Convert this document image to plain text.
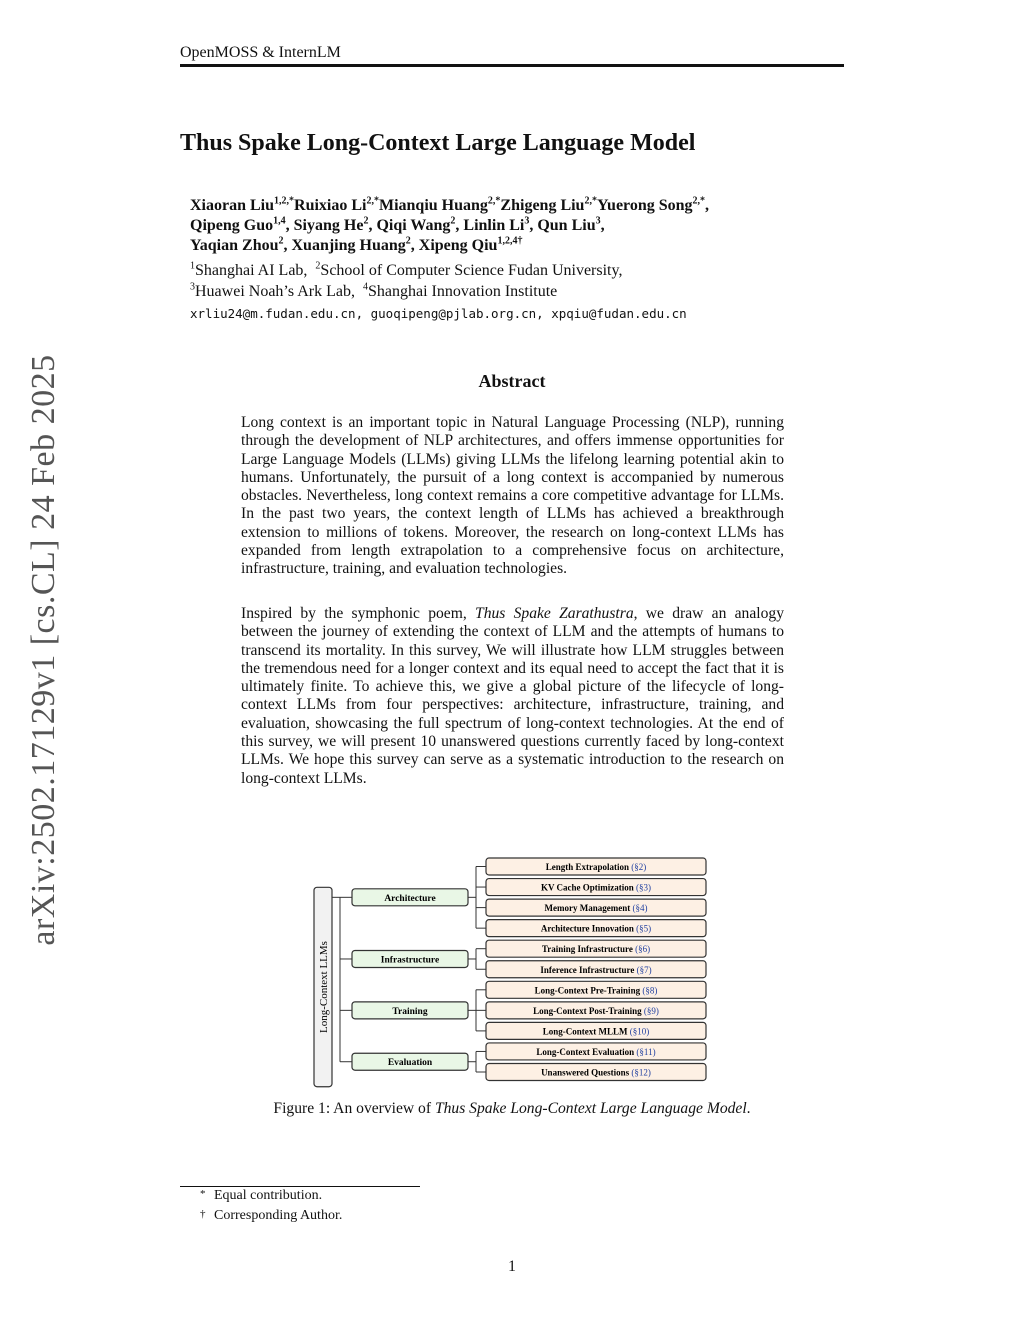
OpenMOSS & InternLM
arXiv:2502.17129v1 [cs.CL] 24 Feb 2025
Thus Spake Long-Context Large Language Model
Xiaoran Liu$^{1,2,*}$Ruixiao $Li^{2,*}Mianqiu$ Huang$^{2,*}$Zhigeng Liu$^{2,*}$Yuerong Song$^{2,*}$,
Qipeng Guo$^{1,4}$, Siyang He$^2$, Qiqi Wang$^2$, Linlin Li$^3$, Qun Liu$^3$,
Yaqian Zhou$^2$, Xuanjing Huang$^2$, Xipeng Qiu$^{1,2,4\dagger}$
$^1$Shanghai AI Lab, $^2$School of Computer Science Fudan University,
$^3$Huawei Noah’s Ark Lab, $^4$Shanghai Innovation Institute
xrliu24@m.fudan.edu.cn, guoqipeng@pjlab.org.cn, xpqiu@fudan.edu.cn
Abstract

Long context is an important topic in Natural Language Processing (NLP), running through the development of NLP architectures, and offers immense opportunities for Large Language Models (LLMs) giving LLMs the lifelong learning potential akin to humans. Unfortunately, the pursuit of a long context is accompanied by numerous obstacles. Nevertheless, long context remains a core competitive advantage for LLMs. In the past two years, the context length of LLMs has achieved a breakthrough extension to millions of tokens. Moreover, the research on long-context LLMs has expanded from length extrapolation to a comprehensive focus on architecture, infrastructure, training, and evaluation technologies.

Inspired by the symphonic poem, Thus Spake Zarathustra, we draw an analogy between the journey of extending the context of LLM and the attempts of humans to transcend its mortality. In this survey, We will illustrate how LLM struggles between the tremendous need for a longer context and its equal need to accept the fact that it is ultimately finite. To achieve this, we give a global picture of the lifecycle of long-context LLMs from four perspectives: architecture, infrastructure, training, and evaluation, showcasing the full spectrum of long-context technologies. At the end of this survey, we will present 10 unanswered questions currently faced by long-context LLMs. We hope this survey can serve as a systematic introduction to the research on long-context LLMs.

Long-Context LLMs
Architecture
Infrastructure
Training
Evaluation
Length Extrapolation (§2)
KV Cache Optimization (§3)
Memory Management (§4)
Architecture Innovation (§5)
Training Infrastructure (§6)
Inference Infrastructure (§7)
Long-Context Pre-Training (§8)
Long-Context Post-Training (§9)
Long-Context MLLM (§10)
Long-Context Evaluation (§11)
Unanswered Questions (§12)
Figure 1: An overview of Thus Spake Long-Context Large Language Model.
* Equal contribution.
† Corresponding Author.
1
